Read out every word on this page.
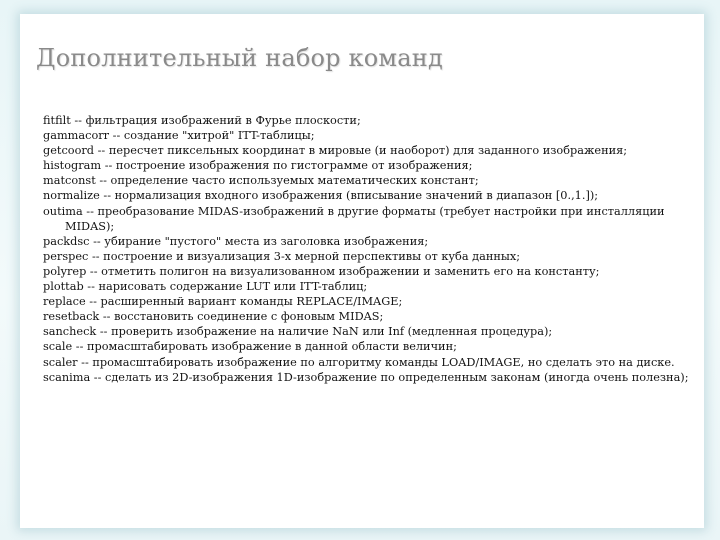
Дополнительный набор команд

fitfilt -- фильтрация изображений в Фурье плоскости;

gammacorr -- создание "хитрой" ITT-таблицы;

getcoord -- пересчет пиксельных координат в мировые (и наоборот) для заданного изображения;

histogram -- построение изображения по гистограмме от изображения;

matconst -- определение часто используемых математических констант;

normalize -- нормализация входного изображения (вписывание значений в диапазон [0.,1.]);

outima -- преобразование MIDAS-изображений в другие форматы (требует настройки при инсталляции MIDAS);

packdsc -- убирание "пустого" места из заголовка изображения;

perspec -- построение и визуализация 3-х мерной перспективы от куба данных;

polyrep -- отметить полигон на визуализованном изображении и заменить его на константу;

plottab -- нарисовать содержание LUT или ITT-таблиц;

replace -- расширенный вариант команды REPLACE/IMAGE;

resetback -- восстановить соединение с фоновым MIDAS;

sancheck -- проверить изображение на наличие NaN или Inf (медленная процедура);

scale -- промасштабировать изображение в данной области величин;

scaler -- промасштабировать изображение по алгоритму команды LOAD/IMAGE, но сделать это на диске.

scanima -- сделать из 2D-изображения 1D-изображение по определенным законам (иногда очень полезна);
